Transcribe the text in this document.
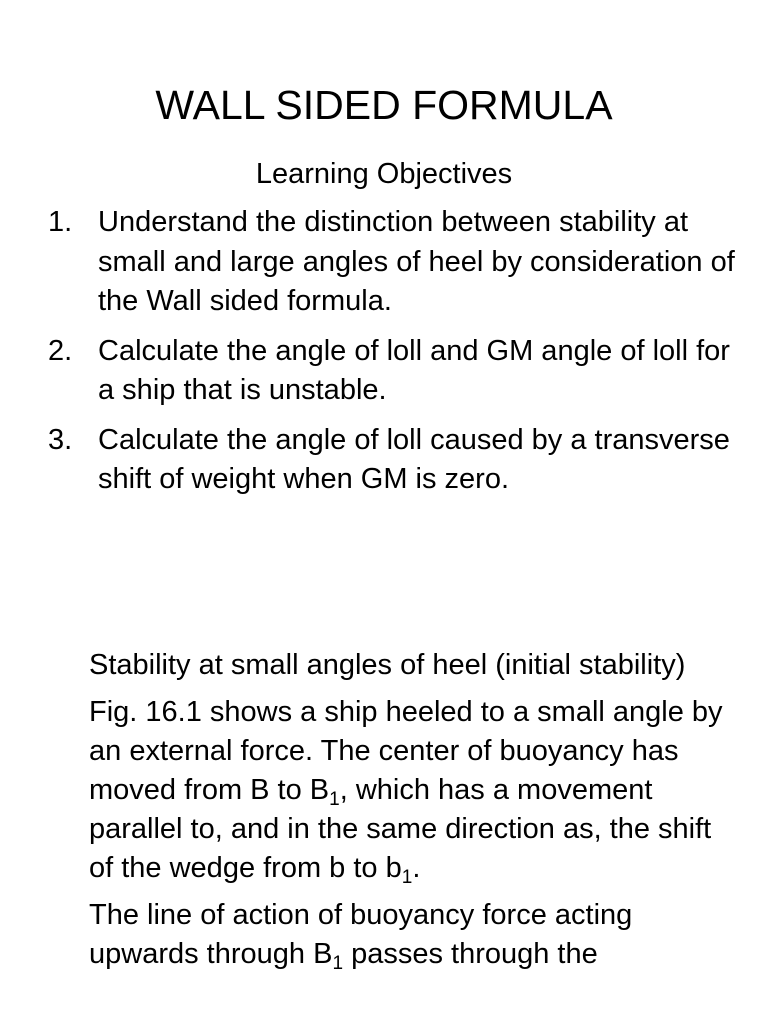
WALL SIDED FORMULA
Learning Objectives
1. Understand the distinction between stability at small and large angles of heel by consideration of the Wall sided formula.
2. Calculate the angle of loll and GM angle of loll for a ship that is unstable.
3. Calculate the angle of loll caused by a transverse shift of weight when GM is zero.

Stability at small angles of heel (initial stability)

Fig. 16.1 shows a ship heeled to a small angle by an external force. The center of buoyancy has moved from B to $B_1$, which has a movement parallel to, and in the same direction as, the shift of the wedge from b to $b_1$.

The line of action of buoyancy force acting upwards through $B_1$ passes through the
